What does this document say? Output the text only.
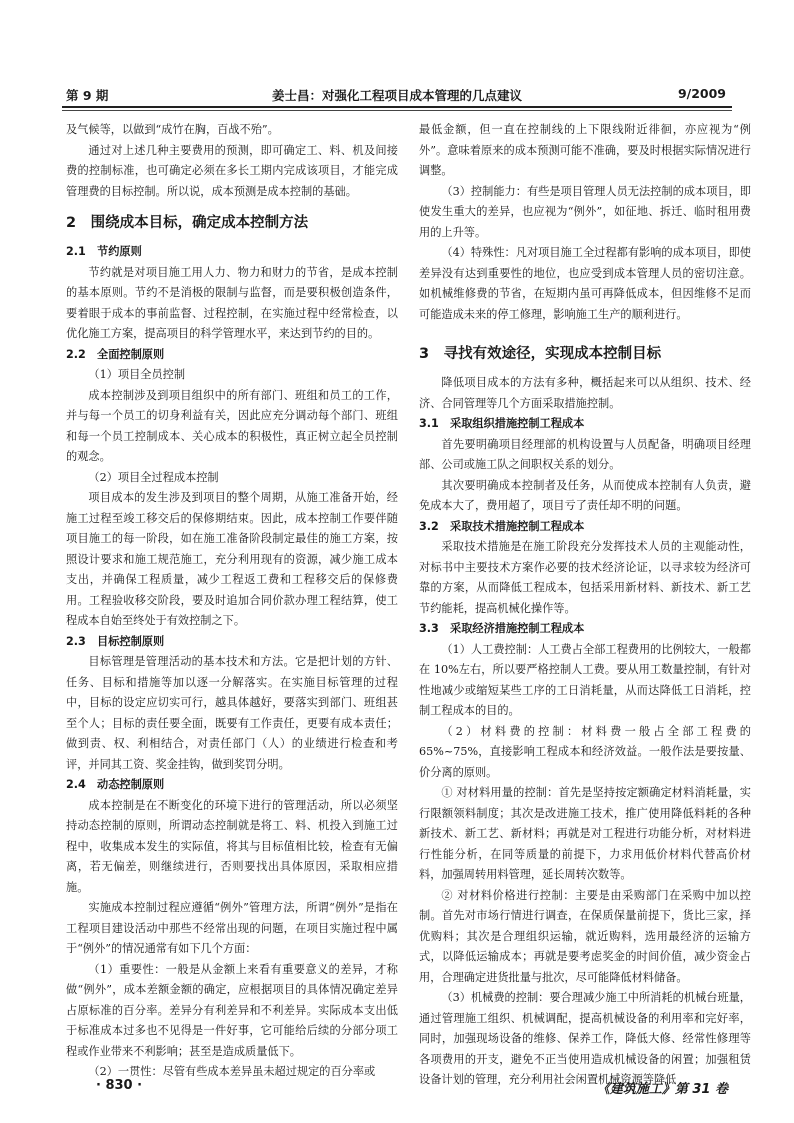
第 9 期	姜士昌：对强化工程项目成本管理的几点建议	9/2009

及气候等，以做到“成竹在胸，百战不殆”。

通过对上述几种主要费用的预测，即可确定工、料、机及间接费的控制标准，也可确定必须在多长工期内完成该项目，才能完成管理费的目标控制。所以说，成本预测是成本控制的基础。

2　围绕成本目标，确定成本控制方法
2.1　节约原则

节约就是对项目施工用人力、物力和财力的节省，是成本控制的基本原则。节约不是消极的限制与监督，而是要积极创造条件，要着眼于成本的事前监督、过程控制，在实施过程中经常检查，以优化施工方案，提高项目的科学管理水平，来达到节约的目的。

2.2　全面控制原则

（1）项目全员控制

成本控制涉及到项目组织中的所有部门、班组和员工的工作，并与每一个员工的切身利益有关，因此应充分调动每个部门、班组和每一个员工控制成本、关心成本的积极性，真正树立起全员控制的观念。

（2）项目全过程成本控制

项目成本的发生涉及到项目的整个周期，从施工准备开始，经施工过程至竣工移交后的保修期结束。因此，成本控制工作要伴随项目施工的每一阶段，如在施工准备阶段制定最佳的施工方案，按照设计要求和施工规范施工，充分利用现有的资源，减少施工成本支出，并确保工程质量，减少工程返工费和工程移交后的保修费用。工程验收移交阶段，要及时追加合同价款办理工程结算，使工程成本自始至终处于有效控制之下。

2.3　目标控制原则

目标管理是管理活动的基本技术和方法。它是把计划的方针、任务、目标和措施等加以逐一分解落实。在实施目标管理的过程中，目标的设定应切实可行，越具体越好，要落实到部门、班组甚至个人；目标的责任要全面，既要有工作责任，更要有成本责任；做到责、权、利相结合，对责任部门（人）的业绩进行检查和考评，并同其工资、奖金挂钩，做到奖罚分明。

2.4　动态控制原则

成本控制是在不断变化的环境下进行的管理活动，所以必须坚持动态控制的原则，所谓动态控制就是将工、料、机投入到施工过程中，收集成本发生的实际值，将其与目标值相比较，检查有无偏离，若无偏差，则继续进行，否则要找出具体原因，采取相应措施。

实施成本控制过程应遵循“例外”管理方法，所谓“例外”是指在工程项目建设活动中那些不经常出现的问题，在项目实施过程中属于“例外”的情况通常有如下几个方面：

（1）重要性：一般是从金额上来看有重要意义的差异，才称做“例外”，成本差额金额的确定，应根据项目的具体情况确定差异占原标准的百分率。差异分有利差异和不利差异。实际成本支出低于标准成本过多也不见得是一件好事，它可能给后续的分部分项工程或作业带来不利影响；甚至是造成质量低下。

（2）一贯性：尽管有些成本差异虽未超过规定的百分率或

最低金额，但一直在控制线的上下限线附近徘徊，亦应视为“例外”。意味着原来的成本预测可能不准确，要及时根据实际情况进行调整。

（3）控制能力：有些是项目管理人员无法控制的成本项目，即使发生重大的差异，也应视为“例外”，如征地、拆迁、临时租用费用的上升等。

（4）特殊性：凡对项目施工全过程都有影响的成本项目，即使差异没有达到重要性的地位，也应受到成本管理人员的密切注意。如机械维修费的节省，在短期内虽可再降低成本，但因维修不足而可能造成未来的停工修理，影响施工生产的顺利进行。

3　寻找有效途径，实现成本控制目标

降低项目成本的方法有多种，概括起来可以从组织、技术、经济、合同管理等几个方面采取措施控制。

3.1　采取组织措施控制工程成本

首先要明确项目经理部的机构设置与人员配备，明确项目经理部、公司或施工队之间职权关系的划分。

其次要明确成本控制者及任务，从而使成本控制有人负责，避免成本大了，费用超了，项目亏了责任却不明的问题。

3.2　采取技术措施控制工程成本

采取技术措施是在施工阶段充分发挥技术人员的主观能动性，对标书中主要技术方案作必要的技术经济论证，以寻求较为经济可靠的方案，从而降低工程成本，包括采用新材料、新技术、新工艺节约能耗，提高机械化操作等。

3.3　采取经济措施控制工程成本

（1）人工费控制：人工费占全部工程费用的比例较大，一般都在 10%左右，所以要严格控制人工费。要从用工数量控制，有针对性地减少或缩短某些工序的工日消耗量，从而达降低工日消耗，控制工程成本的目的。

（2）材料费的控制：材料费一般占全部工程费的 65%~75%，直接影响工程成本和经济效益。一般作法是要按量、价分离的原则。

① 对材料用量的控制：首先是坚持按定额确定材料消耗量，实行限额领料制度；其次是改进施工技术，推广使用降低料耗的各种新技术、新工艺、新材料；再就是对工程进行功能分析，对材料进行性能分析，在同等质量的前提下，力求用低价材料代替高价材料，加强周转用料管理，延长周转次数等。

② 对材料价格进行控制：主要是由采购部门在采购中加以控制。首先对市场行情进行调查，在保质保量前提下，货比三家，择优购料；其次是合理组织运输，就近购料，选用最经济的运输方式，以降低运输成本；再就是要考虑奖金的时间价值，减少资金占用，合理确定进货批量与批次，尽可能降低材料储备。

（3）机械费的控制：要合理减少施工中所消耗的机械台班量，通过管理施工组织、机械调配，提高机械设备的利用率和完好率，同时，加强现场设备的维修、保养工作，降低大修、经常性修理等各项费用的开支，避免不正当使用造成机械设备的闲置；加强租赁设备计划的管理，充分利用社会闲置机械资源等降低

· 830 ·	《建筑施工》第 31 卷
